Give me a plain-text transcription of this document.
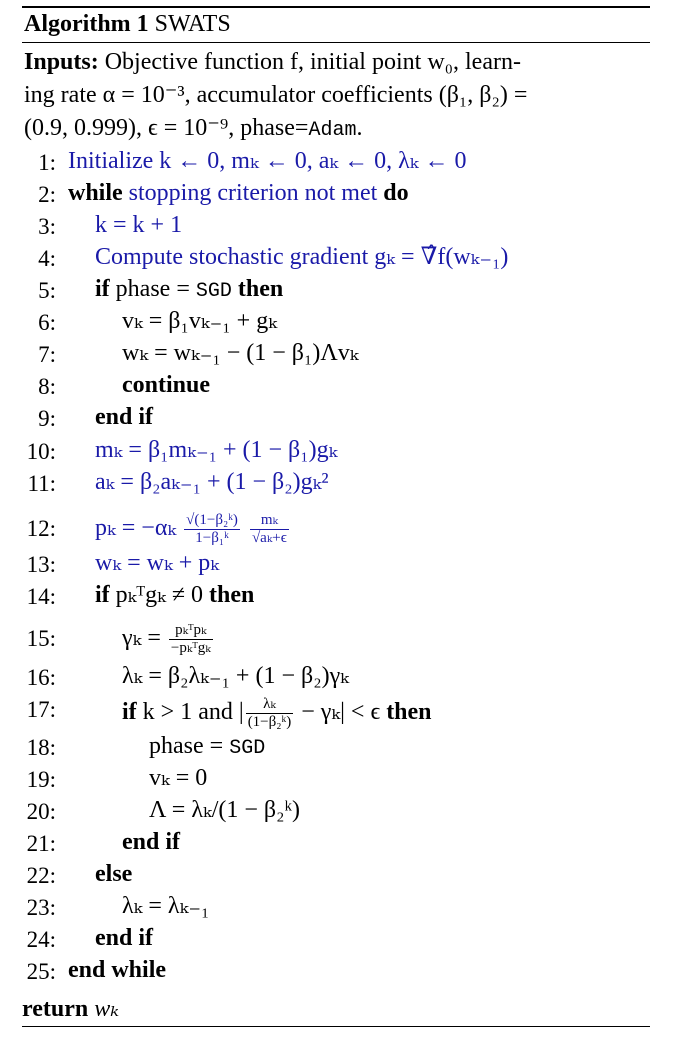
Algorithm 1 SWATS
Inputs: Objective function f, initial point w₀, learn-
ing rate α = 10⁻³, accumulator coefficients (β₁, β₂) =
(0.9, 0.999), ϵ = 10⁻⁹, phase=Adam.
1:
2:
3:
4:
5:
6:
7:
8:
9:
10:
11:
12:
13:
14:
15:
16:
17:
18:
19:
20:
21:
22:
23:
24:
25:
Initialize k ← 0, mₖ ← 0, aₖ ← 0, λₖ ← 0
while stopping criterion not met do
k = k + 1
Compute stochastic gradient gₖ = ∇̂f(wₖ₋₁)
if phase = SGD then
vₖ = β₁vₖ₋₁ + gₖ
wₖ = wₖ₋₁ − (1 − β₁)Λvₖ
continue
end if
mₖ = β₁mₖ₋₁ + (1 − β₁)gₖ
aₖ = β₂aₖ₋₁ + (1 − β₂)gₖ²
$p_k = -\alpha_k \frac{\text{√(1−β₂ᵏ)}}{\text{1−β₁ᵏ}}$
$\frac{\text{mₖ}}{\text{√aₖ+ϵ}}$
wₖ = wₖ + pₖ
if pₖᵀgₖ ≠ 0 then
$\gamma_k = \frac{\text{pₖᵀpₖ}}{\text{−pₖᵀgₖ}}$
λₖ = β₂λₖ₋₁ + (1 − β₂)γₖ
if k > 1 and | $\frac{\text{λₖ}}{\text{(1−β₂ᵏ)}} - \gamma_k| < \epsilon$ then
phase = SGD
vₖ = 0
Λ = λₖ/(1 − β₂ᵏ)
end if
else
λₖ = λₖ₋₁
end if
end while
return wₖ
